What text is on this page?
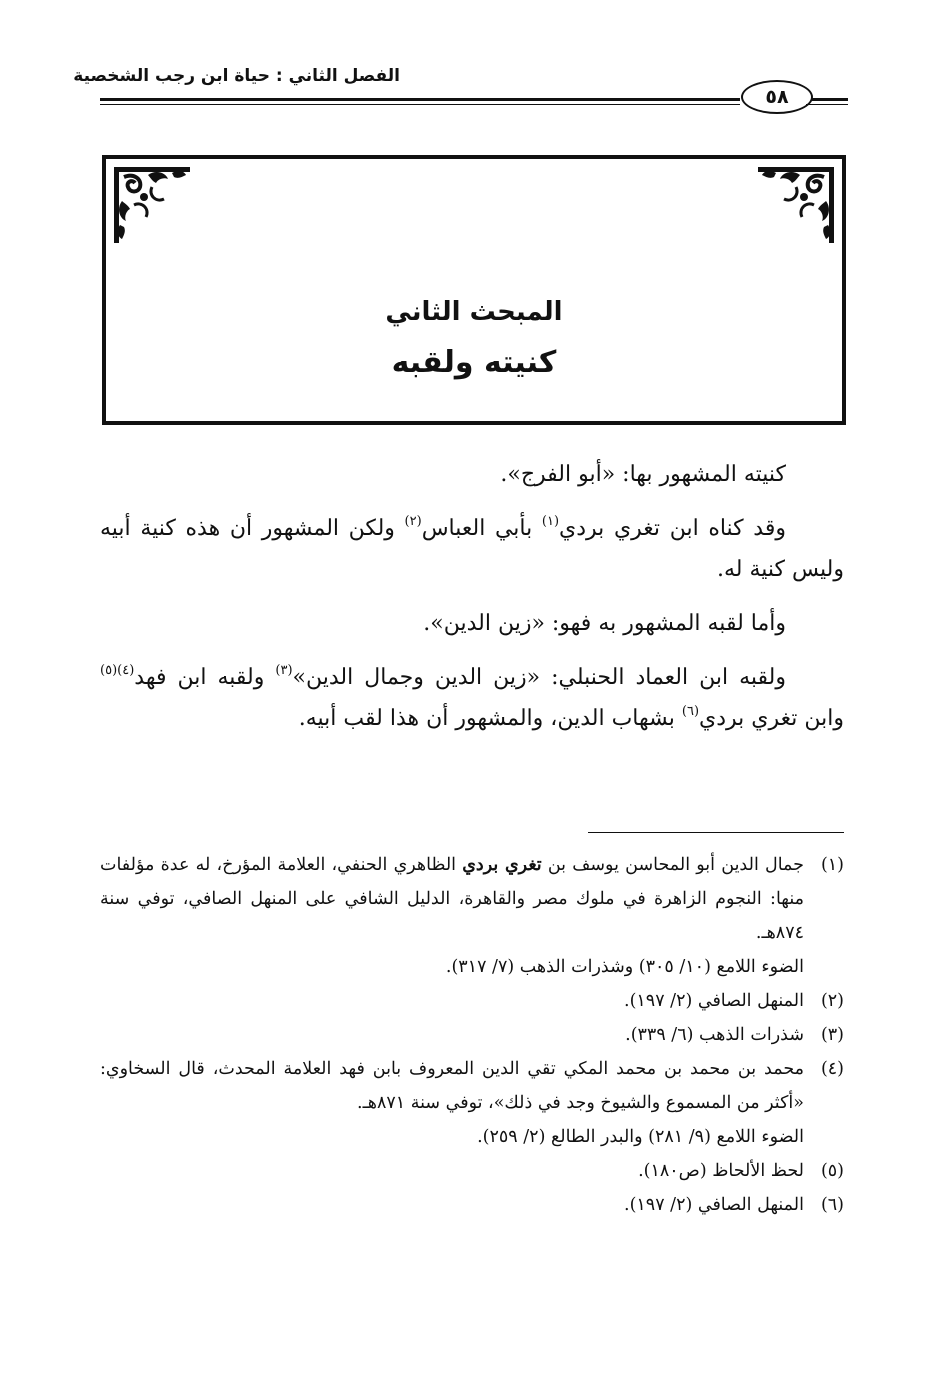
الفصل الثاني : حياة ابن رجب الشخصية
٥٨
المبحث الثاني
كنيته ولقبه

كنيته المشهور بها: «أبو الفرج».

وقد كناه ابن تغري بردي$^{(١)}$ بأبي العباس$^{(٢)}$ ولكن المشهور أن هذه كنية أبيه وليس كنية له.

وأما لقبه المشهور به فهو: «زين الدين».

ولقبه ابن العماد الحنبلي: «زين الدين وجمال الدين»$^{(٣)}$ ولقبه ابن فهد$^{(٤)(٥)}$ وابن تغري بردي$^{(٦)}$ بشهاب الدين، والمشهور أن هذا لقب أبيه.

(١)
جمال الدين أبو المحاسن يوسف بن تغري بردي الظاهري الحنفي، العلامة المؤرخ، له عدة مؤلفات منها: النجوم الزاهرة في ملوك مصر والقاهرة، الدليل الشافي على المنهل الصافي، توفي سنة ٨٧٤هـ.

الضوء اللامع (١٠/ ٣٠٥) وشذرات الذهب (٧/ ٣١٧).

(٢)
المنهل الصافي (٢/ ١٩٧).
(٣)
شذرات الذهب (٦/ ٣٣٩).
(٤)
محمد بن محمد بن محمد المكي تقي الدين المعروف بابن فهد العلامة المحدث، قال السخاوي: «أكثر من المسموع والشيوخ وجد في ذلك»، توفي سنة ٨٧١هـ.

الضوء اللامع (٩/ ٢٨١) والبدر الطالع (٢/ ٢٥٩).

(٥)
لحظ الألحاظ (ص١٨٠).
(٦)
المنهل الصافي (٢/ ١٩٧).
